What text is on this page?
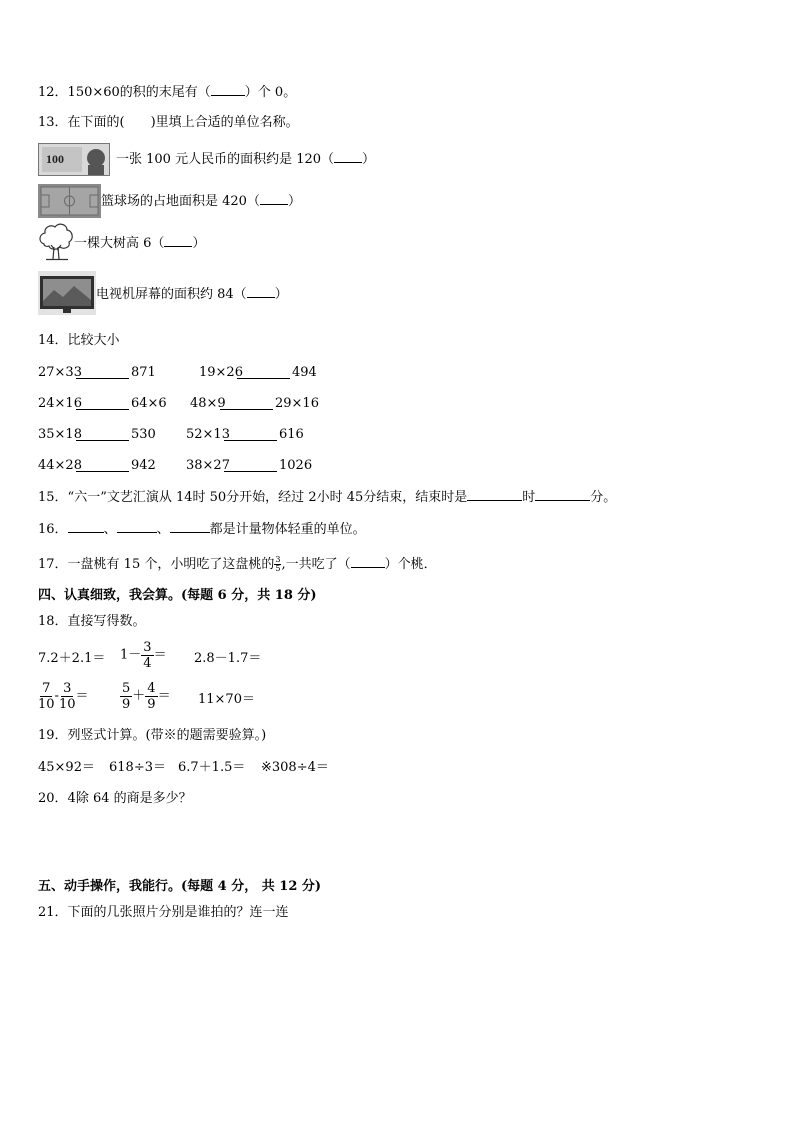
12．150×60的积的末尾有（	）个 0。
13．在下面的(　　)里填上合适的单位名称。
100	一张 100 元人民币的面积约是 120（ ）
篮球场的占地面积是 420（ ）
一棵大树高 6（ ）
电视机屏幕的面积约 84（ ）
14．比较大小
27×33	871	19×26	494
24×16	64×6 48×9	29×16
35×18	530 52×13	616
44×28	942 38×27	1026
15．“六一”文艺汇演从 14时 50分开始，经过 2小时 45分结束，结束时是	时	分。
16．	、	、	都是计量物体轻重的单位。
17．一盘桃有 15 个，小明吃了这盘桃的 $\frac{3}{5}$ ,一共吃了（	）个桃．
四、认真细致，我会算。(每题 6 分，共 18 分)
18．直接写得数。
$7.2+2.1= 1- \frac{3}{4} = 2.8-1.7=$
$\frac{7}{10} - \frac{3}{10} = \frac{5}{9} + \frac{4}{9} = 11\times 70=$
19．列竖式计算。(带※的题需要验算。)
45×92＝ 618÷3＝ 6.7＋1.5＝ ※308÷4＝
20．4除 64 的商是多少？
五、动手操作，我能行。(每题 4 分， 共 12 分)
21．下面的几张照片分别是谁拍的？连一连
